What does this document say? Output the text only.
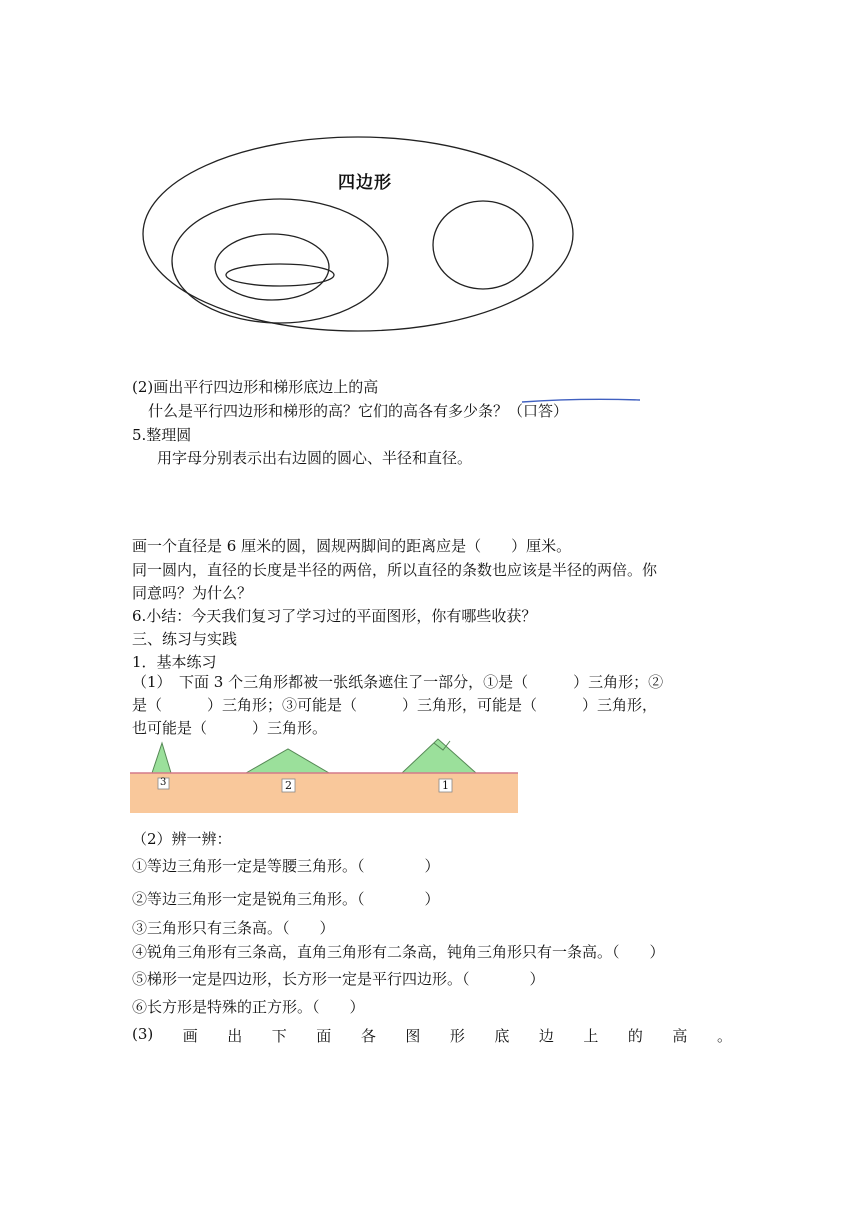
四边形
(2)画出平行四边形和梯形底边上的高
什么是平行四边形和梯形的高？它们的高各有多少条？（口答）
5.整理圆
用字母分别表示出右边圆的圆心、半径和直径。
画一个直径是 6 厘米的圆，圆规两脚间的距离应是（　　）厘米。
同一圆内，直径的长度是半径的两倍，所以直径的条数也应该是半径的两倍。你
同意吗？为什么？
6.小结：今天我们复习了学习过的平面图形，你有哪些收获？
三、练习与实践
1．基本练习
（1）　下面 3 个三角形都被一张纸条遮住了一部分，①是（　　　）三角形；②
是（　　　）三角形；③可能是（　　　）三角形，可能是（　　　）三角形，
也可能是（　　　）三角形。
3	2	1
（2）辨一辨：
①等边三角形一定是等腰三角形。（　　　　）
②等边三角形一定是锐角三角形。（　　　　）
③三角形只有三条高。（　　）
④锐角三角形有三条高，直角三角形有二条高，钝角三角形只有一条高。（　　）
⑤梯形一定是四边形，长方形一定是平行四边形。（　　　　）
⑥长方形是特殊的正方形。（　　）
(3) 画 出 下 面 各 图 形 底 边 上 的 高 。
